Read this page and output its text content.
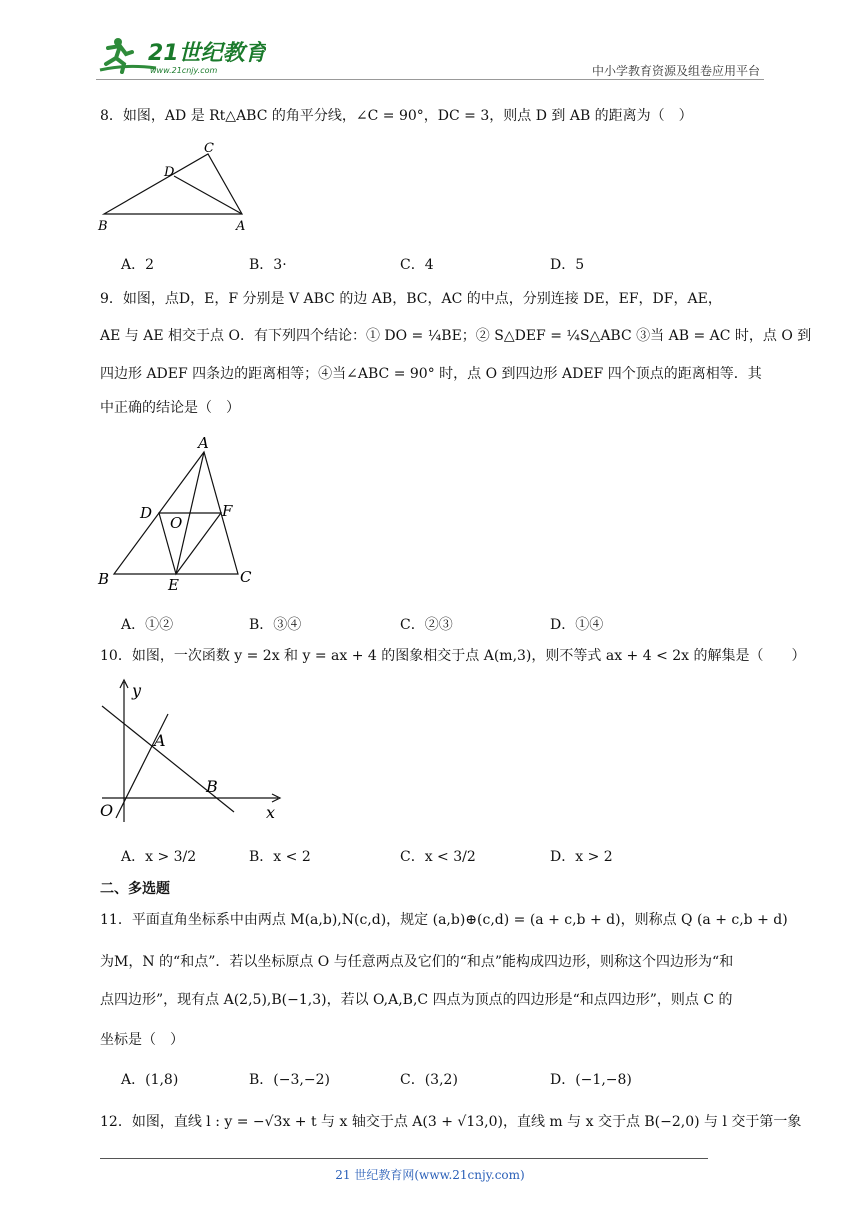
21世纪教育
www.21cnjy.com	中小学教育资源及组卷应用平台
8．如图，AD 是 Rt△ABC 的角平分线，∠C = 90°，DC = 3，则点 D 到 AB 的距离为（　）
C
D
B	A
A．2	B．3·	C．4	D．5
9．如图，点D，E，F 分别是 V ABC 的边 AB，BC，AC 的中点，分别连接 DE，EF，DF，AE，
AE 与 AE 相交于点 O．有下列四个结论：① DO = ¼BE；② S△DEF = ¼S△ABC ③当 AB = AC 时，点 O 到
四边形 ADEF 四条边的距离相等；④当∠ABC = 90° 时，点 O 到四边形 ADEF 四个顶点的距离相等．其
中正确的结论是（　）
A
D
O
F
B	E	C
A．①②	B．③④	C．②③	D．①④
10．如图，一次函数 y = 2x 和 y = ax + 4 的图象相交于点 A(m,3)，则不等式 ax + 4 < 2x 的解集是（　　）
y
x
O
A
B
A．x > 3/2	B．x < 2	C．x < 3/2	D．x > 2
二、多选题
11．平面直角坐标系中由两点 M(a,b),N(c,d)，规定 (a,b)⊕(c,d) = (a + c,b + d)，则称点 Q (a + c,b + d)
为M，N 的“和点”．若以坐标原点 O 与任意两点及它们的“和点”能构成四边形，则称这个四边形为“和
点四边形”，现有点 A(2,5),B(−1,3)，若以 O,A,B,C 四点为顶点的四边形是“和点四边形”，则点 C 的
坐标是（　）
A．(1,8)	B．(−3,−2)	C．(3,2)	D．(−1,−8)
12．如图，直线 l : y = −√3x + t 与 x 轴交于点 A(3 + √13,0)，直线 m 与 x 交于点 B(−2,0) 与 l 交于第一象
21 世纪教育网(www.21cnjy.com)
